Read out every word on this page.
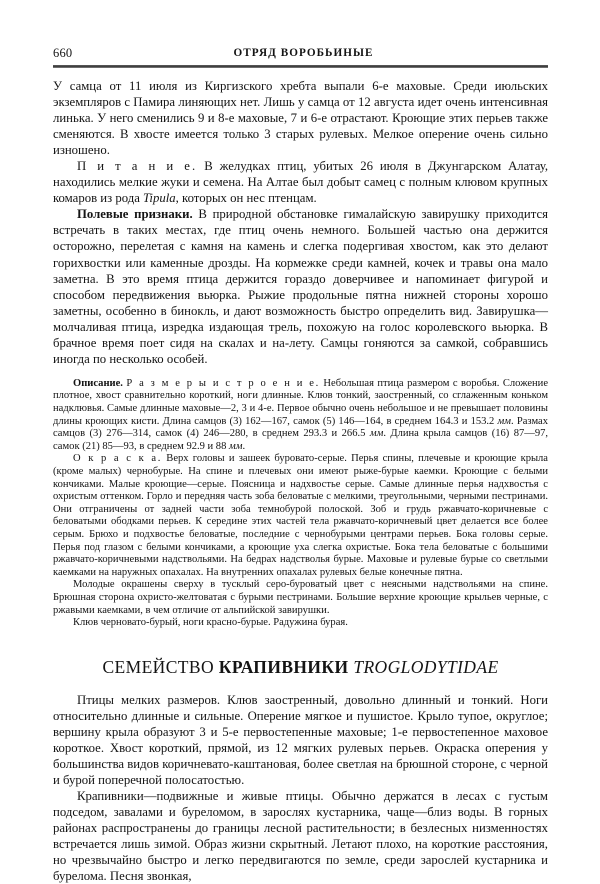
660	ОТРЯД ВОРОБЬИНЫЕ

У самца от 11 июля из Киргизского хребта выпали 6-е маховые. Среди июльских экземпляров с Памира линяющих нет. Лишь у самца от 12 августа идет очень интенсивная линька. У него сменились 9 и 8-е маховые, 7 и 6-е отрастают. Кроющие этих перьев также сменяются. В хвосте имеется только 3 старых рулевых. Мелкое оперение очень сильно изношено.

П и т а н и е. В желудках птиц, убитых 26 июля в Джунгарском Алатау, находились мелкие жуки и семена. На Алтае был добыт самец с полным клювом крупных комаров из рода Tipula, которых он нес птенцам.

Полевые признаки. В природной обстановке гималайскую завирушку приходится встречать в таких местах, где птиц очень немного. Большей частью она держится осторожно, перелетая с камня на камень и слегка подергивая хвостом, как это делают горихвостки или каменные дрозды. На кормежке среди камней, кочек и травы она мало заметна. В это время птица держится гораздо доверчивее и напоминает фигурой и способом передвижения вьюрка. Рыжие продольные пятна нижней стороны хорошо заметны, особенно в бинокль, и дают возможность быстро определить вид. Завирушка—молчаливая птица, изредка издающая трель, похожую на голос королевского вьюрка. В брачное время поет сидя на скалах и на-лету. Самцы гоняются за самкой, собравшись иногда по несколько особей.

Описание. Р а з м е р ы и с т р о е н и е. Небольшая птица размером с воробья. Сложение плотное, хвост сравнительно короткий, ноги длинные. Клюв тонкий, заостренный, со сглаженным коньком надклювья. Самые длинные маховые—2, 3 и 4-е. Первое обычно очень небольшое и не превышает половины длины кроющих кисти. Длина самцов (3) 162—167, самок (5) 146—164, в среднем 164.3 и 153.2 мм. Размах самцов (3) 276—314, самок (4) 246—280, в среднем 293.3 и 266.5 мм. Длина крыла самцов (16) 87—97, самок (21) 85—93, в среднем 92.9 и 88 мм.

О к р а с к а. Верх головы и зашеек буровато-серые. Перья спины, плечевые и кроющие крыла (кроме малых) чернобурые. На спине и плечевых они имеют рыже-бурые каемки. Кроющие с белыми кончиками. Малые кроющие—серые. Поясница и надхвостье серые. Самые длинные перья надхвостья с охристым оттенком. Горло и передняя часть зоба беловатые с мелкими, треугольными, черными пестринами. Они отграничены от задней части зоба темнобурой полоской. Зоб и грудь ржавчато-коричневые с беловатыми ободками перьев. К середине этих частей тела ржавчато-коричневый цвет делается все более серым. Брюхо и подхвостье беловатые, последние с чернобурыми центрами перьев. Бока головы серые. Перья под глазом с белыми кончиками, а кроющие уха слегка охристые. Бока тела беловатые с большими ржавчато-коричневыми надствольями. На бедрах надстволья бурые. Маховые и рулевые бурые со светлыми каемками на наружных опахалах. На внутренних опахалах рулевых белые конечные пятна.

Молодые окрашены сверху в тусклый серо-буроватый цвет с неясными надствольями на спине. Брюшная сторона охристо-желтоватая с бурыми пестринами. Большие верхние кроющие крыльев черные, с ржавыми каемками, в чем отличие от альпийской завирушки.

Клюв черновато-бурый, ноги красно-бурые. Радужина бурая.

СЕМЕЙСТВО КРАПИВНИКИ TROGLODYTIDAE

Птицы мелких размеров. Клюв заостренный, довольно длинный и тонкий. Ноги относительно длинные и сильные. Оперение мягкое и пушистое. Крыло тупое, округлое; вершину крыла образуют 3 и 5-е первостепенные маховые; 1-е первостепенное маховое короткое. Хвост короткий, прямой, из 12 мягких рулевых перьев. Окраска оперения у большинства видов коричневато-каштановая, более светлая на брюшной стороне, с черной и бурой поперечной полосатостью.

Крапивники—подвижные и живые птицы. Обычно держатся в лесах с густым подседом, завалами и буреломом, в зарослях кустарника, чаще—близ воды. В горных районах распространены до границы лесной растительности; в безлесных низменностях встречается лишь зимой. Образ жизни скрытный. Летают плохо, на короткие расстояния, но чрезвычайно быстро и легко передвигаются по земле, среди зарослей кустарника и бурелома. Песня звонкая,
